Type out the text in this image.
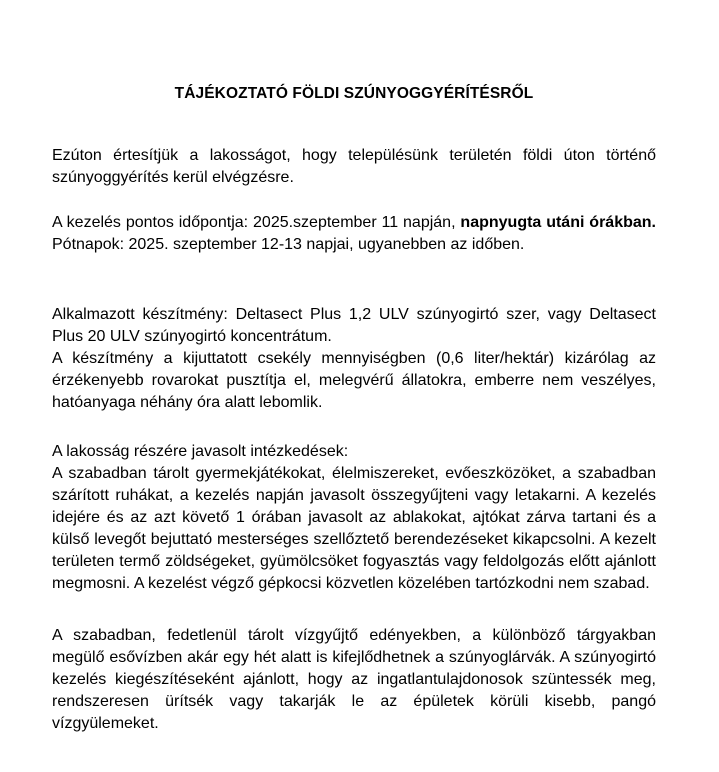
TÁJÉKOZTATÓ FÖLDI SZÚNYOGGYÉRÍTÉSRŐL

Ezúton értesítjük a lakosságot, hogy településünk területén földi úton történő szúnyoggyérítés kerül elvégzésre.

A kezelés pontos időpontja: 2025.szeptember 11 napján, napnyugta utáni órákban. Pótnapok: 2025. szeptember 12-13 napjai, ugyanebben az időben.

Alkalmazott készítmény: Deltasect Plus 1,2 ULV szúnyogirtó szer, vagy Deltasect Plus 20 ULV szúnyogirtó koncentrátum.

A készítmény a kijuttatott csekély mennyiségben (0,6 liter/hektár) kizárólag az érzékenyebb rovarokat pusztítja el, melegvérű állatokra, emberre nem veszélyes, hatóanyaga néhány óra alatt lebomlik.

A lakosság részére javasolt intézkedések:

A szabadban tárolt gyermekjátékokat, élelmiszereket, evőeszközöket, a szabadban szárított ruhákat, a kezelés napján javasolt összegyűjteni vagy letakarni. A kezelés idejére és az azt követő 1 órában javasolt az ablakokat, ajtókat zárva tartani és a külső levegőt bejuttató mesterséges szellőztető berendezéseket kikapcsolni. A kezelt területen termő zöldségeket, gyümölcsöket fogyasztás vagy feldolgozás előtt ajánlott megmosni. A kezelést végző gépkocsi közvetlen közelében tartózkodni nem szabad.

A szabadban, fedetlenül tárolt vízgyűjtő edényekben, a különböző tárgyakban megülő esővízben akár egy hét alatt is kifejlődhetnek a szúnyoglárvák. A szúnyogirtó kezelés kiegészítéseként ajánlott, hogy az ingatlantulajdonosok szüntessék meg, rendszeresen ürítsék vagy takarják le az épületek körüli kisebb, pangó vízgyülemeket.
